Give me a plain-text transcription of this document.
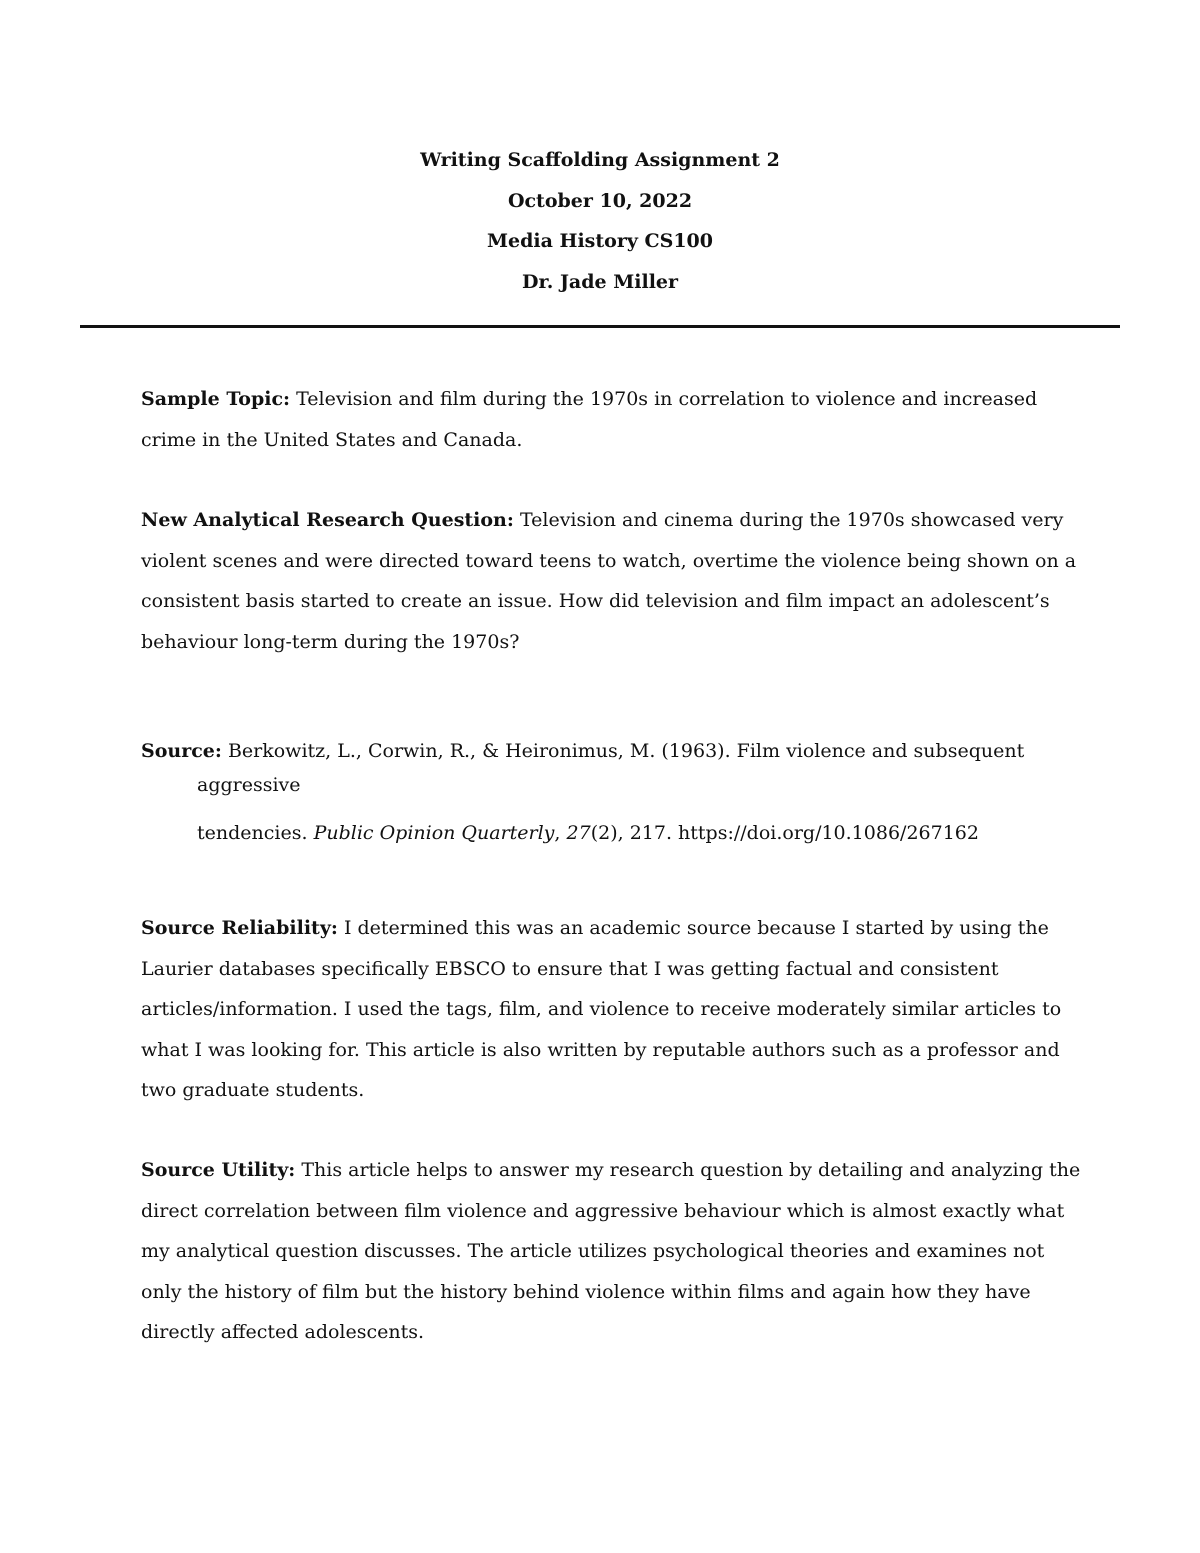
Writing Scaffolding Assignment 2
October 10, 2022
Media History CS100
Dr. Jade Miller
Sample Topic: Television and film during the 1970s in correlation to violence and increased
crime in the United States and Canada.
New Analytical Research Question: Television and cinema during the 1970s showcased very
violent scenes and were directed toward teens to watch, overtime the violence being shown on a
consistent basis started to create an issue. How did television and film impact an adolescent’s
behaviour long-term during the 1970s?
Source: Berkowitz, L., Corwin, R., & Heironimus, M. (1963). Film violence and subsequent
aggressive
tendencies. Public Opinion Quarterly, 27(2), 217. https://doi.org/10.1086/267162
Source Reliability: I determined this was an academic source because I started by using the
Laurier databases specifically EBSCO to ensure that I was getting factual and consistent
articles/information. I used the tags, film, and violence to receive moderately similar articles to
what I was looking for. This article is also written by reputable authors such as a professor and
two graduate students.
Source Utility: This article helps to answer my research question by detailing and analyzing the
direct correlation between film violence and aggressive behaviour which is almost exactly what
my analytical question discusses. The article utilizes psychological theories and examines not
only the history of film but the history behind violence within films and again how they have
directly affected adolescents.
